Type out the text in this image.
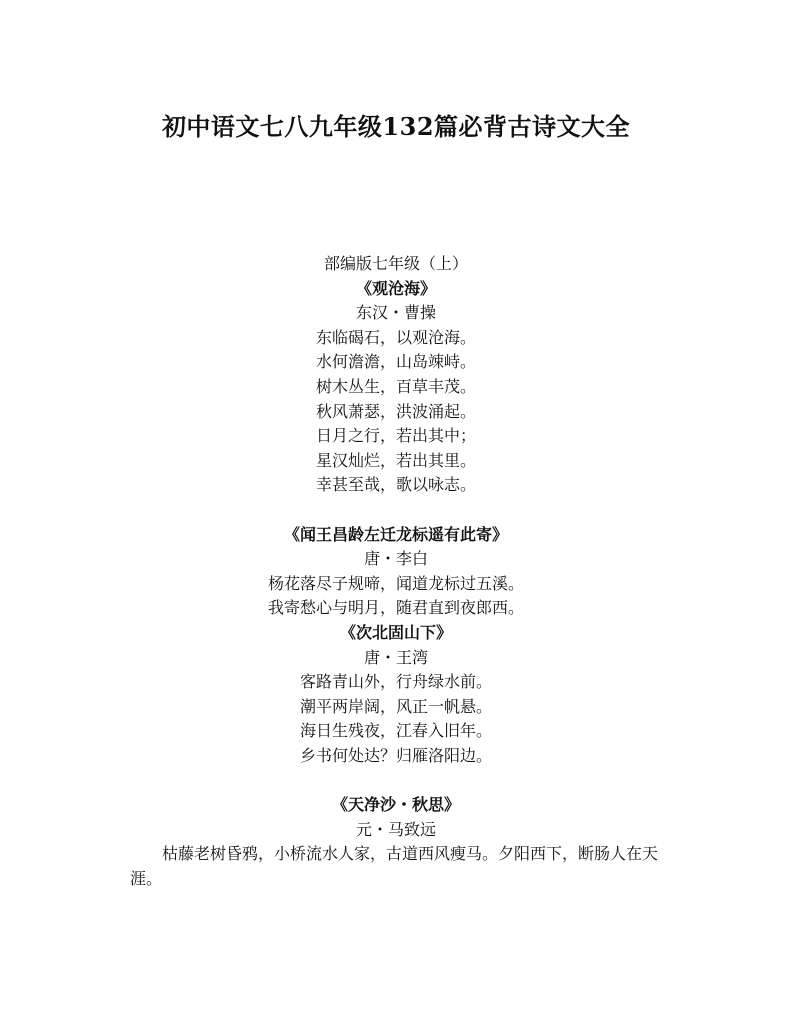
初中语文七八九年级132篇必背古诗文大全
部编版七年级（上）
《观沧海》
东汉・曹操
东临碣石，以观沧海。
水何澹澹，山岛竦峙。
树木丛生，百草丰茂。
秋风萧瑟，洪波涌起。
日月之行，若出其中；
星汉灿烂，若出其里。
幸甚至哉，歌以咏志。
《闻王昌龄左迁龙标遥有此寄》
唐・李白
杨花落尽子规啼，闻道龙标过五溪。
我寄愁心与明月，随君直到夜郎西。
《次北固山下》
唐・王湾
客路青山外，行舟绿水前。
潮平两岸阔，风正一帆悬。
海日生残夜，江春入旧年。
乡书何处达？归雁洛阳边。
《天净沙・秋思》
元・马致远
枯藤老树昏鸦，小桥流水人家，古道西风瘦马。夕阳西下，断肠人在天涯。
